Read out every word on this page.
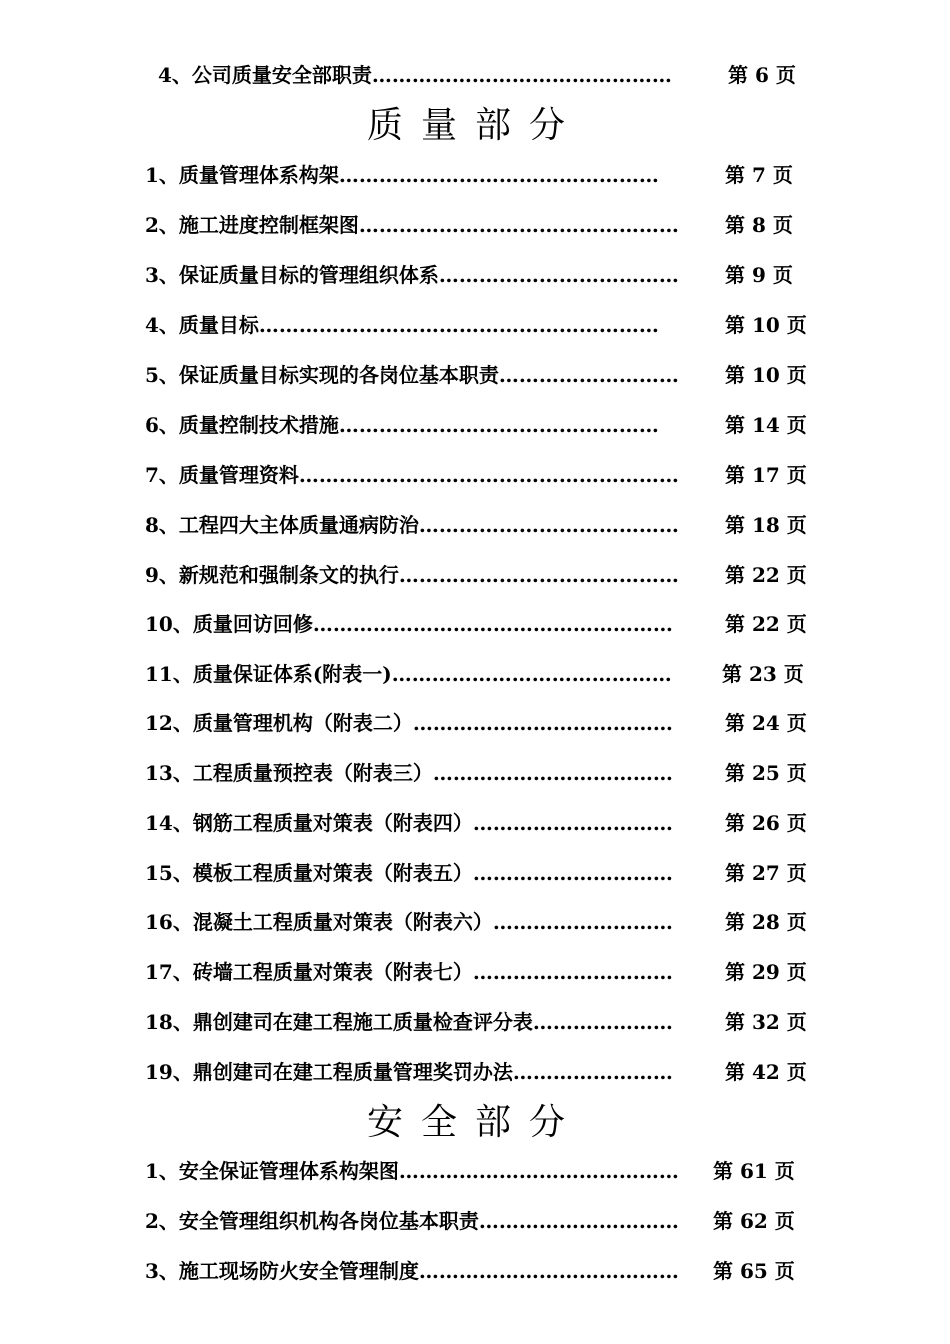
4、公司质量安全部职责………………………………………	第 6 页
质量部分
1、质量管理体系构架…………………………………………	第 7 页
2、施工进度控制框架图………………………………………… 第 8 页
3、保证质量目标的管理组织体系……………………………… 第 9 页
4、质量目标……………………………………………………	第 10 页
5、保证质量目标实现的各岗位基本职责……………………… 第 10 页
6、质量控制技术措施…………………………………………	第 14 页
7、质量管理资料………………………………………………… 第 17 页
8、工程四大主体质量通病防治………………………………… 第 18 页
9、新规范和强制条文的执行…………………………………… 第 22 页
10、质量回访回修………………………………………………	第 22 页
11、质量保证体系(附表一)……………………………………	第 23 页
12、质量管理机构（附表二）…………………………………	第 24 页
13、工程质量预控表（附表三）………………………………	第 25 页
14、钢筋工程质量对策表（附表四）…………………………	第 26 页
15、模板工程质量对策表（附表五）…………………………	第 27 页
16、混凝土工程质量对策表（附表六）………………………	第 28 页
17、砖墙工程质量对策表（附表七）…………………………	第 29 页
18、鼎创建司在建工程施工质量检查评分表…………………	第 32 页
19、鼎创建司在建工程质量管理奖罚办法……………………	第 42 页
安全部分
1、安全保证管理体系构架图…………………………………… 第 61 页
2、安全管理组织机构各岗位基本职责………………………… 第 62 页
3、施工现场防火安全管理制度………………………………… 第 65 页
